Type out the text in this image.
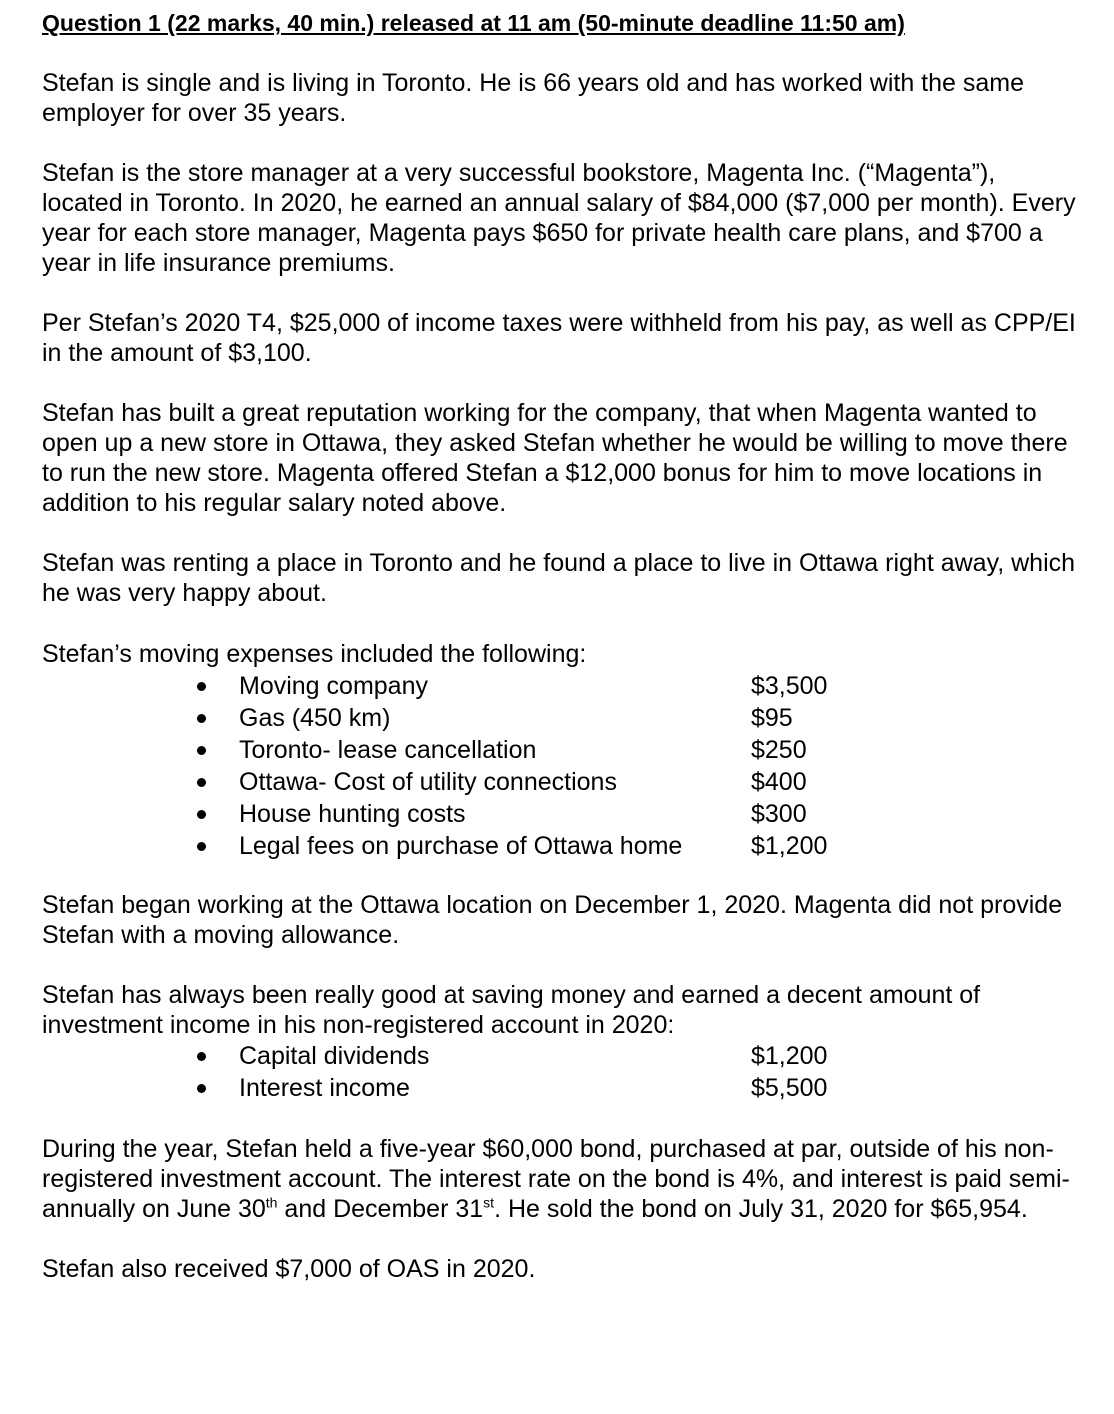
Question 1 (22 marks, 40 min.) released at 11 am (50-minute deadline 11:50 am)

Stefan is single and is living in Toronto. He is 66 years old and has worked with the same employer for over 35 years.

Stefan is the store manager at a very successful bookstore, Magenta Inc. (“Magenta”), located in Toronto. In 2020, he earned an annual salary of $84,000 ($7,000 per month). Every year for each store manager, Magenta pays $650 for private health care plans, and $700 a year in life insurance premiums.

Per Stefan’s 2020 T4, $25,000 of income taxes were withheld from his pay, as well as CPP/EI in the amount of $3,100.

Stefan has built a great reputation working for the company, that when Magenta wanted to open up a new store in Ottawa, they asked Stefan whether he would be willing to move there to run the new store. Magenta offered Stefan a $12,000 bonus for him to move locations in addition to his regular salary noted above.

Stefan was renting a place in Toronto and he found a place to live in Ottawa right away, which he was very happy about.

Stefan’s moving expenses included the following:
Moving company	$3,500
Gas (450 km)	$95
Toronto- lease cancellation	$250
Ottawa- Cost of utility connections	$400
House hunting costs	$300
Legal fees on purchase of Ottawa home	$1,200

Stefan began working at the Ottawa location on December 1, 2020. Magenta did not provide Stefan with a moving allowance.

Stefan has always been really good at saving money and earned a decent amount of investment income in his non-registered account in 2020:
Capital dividends	$1,200
Interest income	$5,500

During the year, Stefan held a five-year $60,000 bond, purchased at par, outside of his non-registered investment account. The interest rate on the bond is 4%, and interest is paid semi-annually on June 30th and December 31st. He sold the bond on July 31, 2020 for $65,954.

Stefan also received $7,000 of OAS in 2020.
